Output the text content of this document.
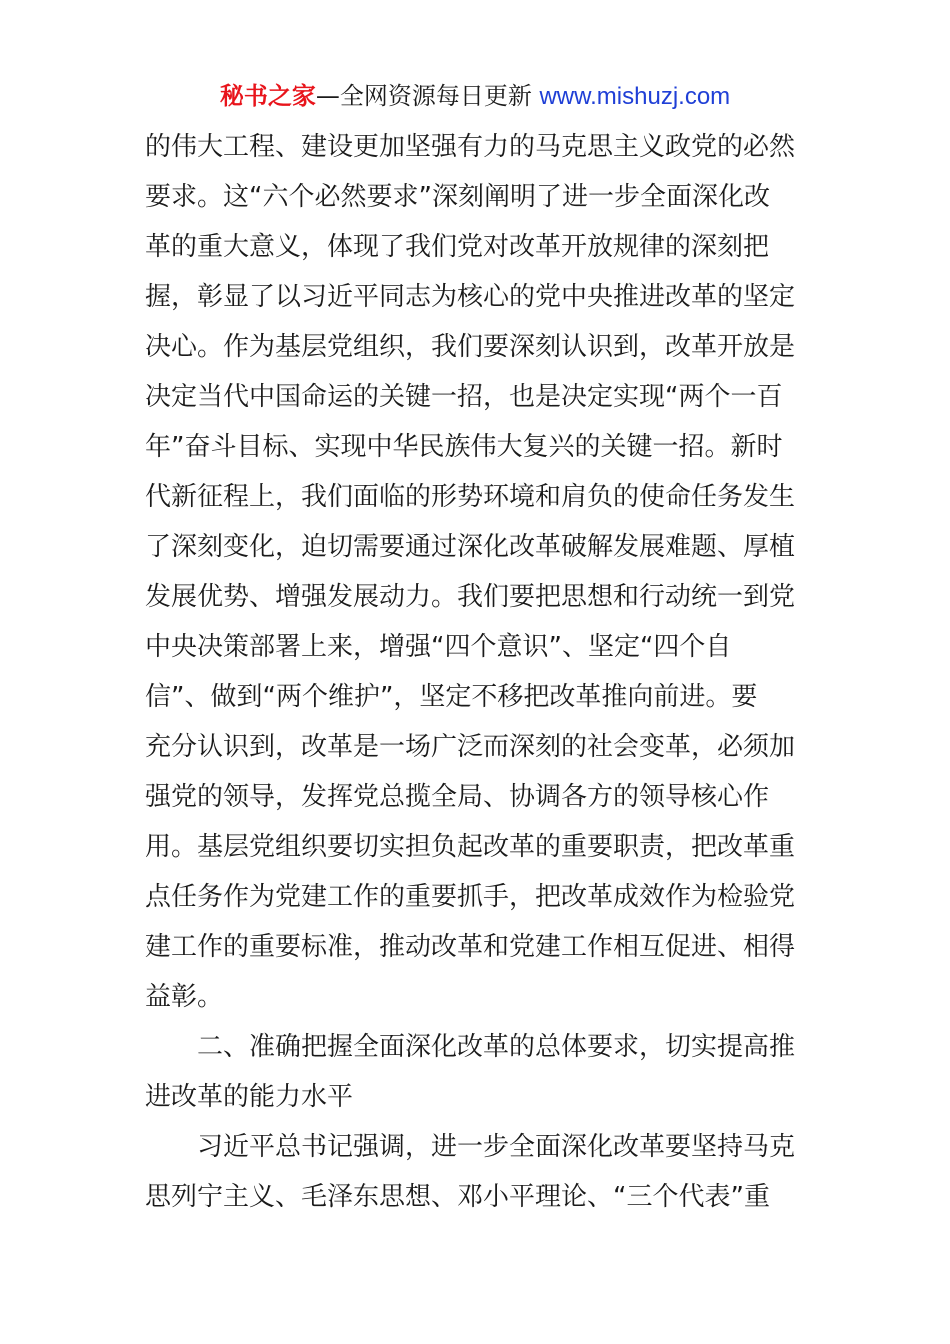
秘书之家—全网资源每日更新 www.mishuzj.com
的伟大工程、建设更加坚强有力的马克思主义政党的必然
要求。这“六个必然要求”深刻阐明了进一步全面深化改
革的重大意义，体现了我们党对改革开放规律的深刻把
握，彰显了以习近平同志为核心的党中央推进改革的坚定
决心。作为基层党组织，我们要深刻认识到，改革开放是
决定当代中国命运的关键一招，也是决定实现“两个一百
年”奋斗目标、实现中华民族伟大复兴的关键一招。新时
代新征程上，我们面临的形势环境和肩负的使命任务发生
了深刻变化，迫切需要通过深化改革破解发展难题、厚植
发展优势、增强发展动力。我们要把思想和行动统一到党
中央决策部署上来，增强“四个意识”、坚定“四个自
信”、做到“两个维护”，坚定不移把改革推向前进。要
充分认识到，改革是一场广泛而深刻的社会变革，必须加
强党的领导，发挥党总揽全局、协调各方的领导核心作
用。基层党组织要切实担负起改革的重要职责，把改革重
点任务作为党建工作的重要抓手，把改革成效作为检验党
建工作的重要标准，推动改革和党建工作相互促进、相得
益彰。
二、准确把握全面深化改革的总体要求，切实提高推
进改革的能力水平
习近平总书记强调，进一步全面深化改革要坚持马克
思列宁主义、毛泽东思想、邓小平理论、“三个代表”重
